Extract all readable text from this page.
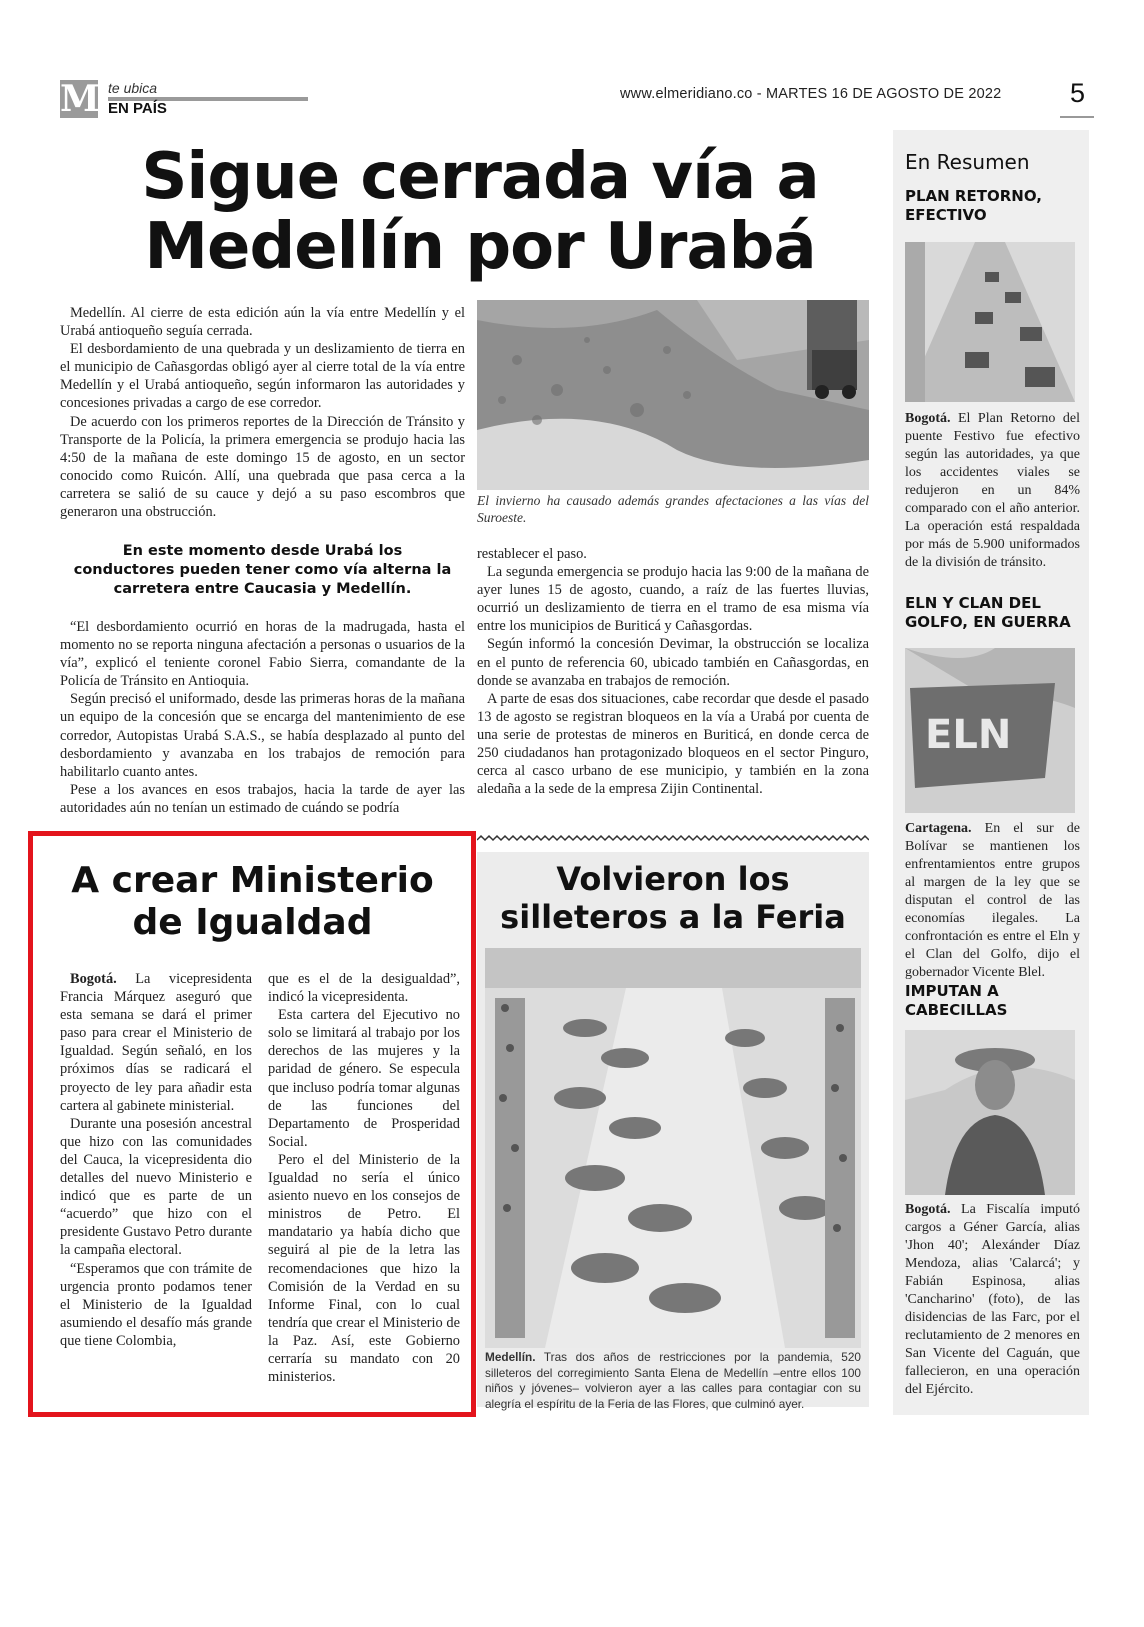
M te ubica
EN PAÍS
www.elmeridiano.co - MARTES 16 DE AGOSTO DE 2022	5
Sigue cerrada vía a
Medellín por Urabá

Medellín. Al cierre de esta edición aún la vía entre Medellín y el Urabá antioqueño seguía cerrada.

El desbordamiento de una quebrada y un deslizamiento de tierra en el municipio de Cañasgordas obligó ayer al cierre total de la vía entre Medellín y el Urabá antioqueño, según informaron las autoridades y concesiones privadas a cargo de ese corredor.

De acuerdo con los primeros reportes de la Dirección de Tránsito y Transporte de la Policía, la primera emergencia se produjo hacia las 4:50 de la mañana de este domingo 15 de agosto, en un sector conocido como Ruicón. Allí, una quebrada que pasa cerca a la carretera se salió de su cauce y dejó a su paso escombros que generaron una obstrucción.

El invierno ha causado además grandes afectaciones a las vías del Suroeste.
En este momento desde Urabá los conductores pueden tener como vía alterna la carretera entre Caucasia y Medellín.

“El desbordamiento ocurrió en horas de la madrugada, hasta el momento no se reporta ninguna afectación a personas o usuarios de la vía”, explicó el teniente coronel Fabio Sierra, comandante de la Policía de Tránsito en Antioquia.

Según precisó el uniformado, desde las primeras horas de la mañana un equipo de la concesión que se encarga del mantenimiento de ese corredor, Autopistas Urabá S.A.S., se había desplazado al punto del desbordamiento y avanzaba en los trabajos de remoción para habilitarlo cuanto antes.

Pese a los avances en esos trabajos, hacia la tarde de ayer las autoridades aún no tenían un estimado de cuándo se podría

restablecer el paso.

La segunda emergencia se produjo hacia las 9:00 de la mañana de ayer lunes 15 de agosto, cuando, a raíz de las fuertes lluvias, ocurrió un deslizamiento de tierra en el tramo de esa misma vía entre los municipios de Buriticá y Cañasgordas.

Según informó la concesión Devimar, la obstrucción se localiza en el punto de referencia 60, ubicado también en Cañasgordas, en donde se avanzaba en trabajos de remoción.

A parte de esas dos situaciones, cabe recordar que desde el pasado 13 de agosto se registran bloqueos en la vía a Urabá por cuenta de una serie de protestas de mineros en Buriticá, en donde cerca de 250 ciudadanos han protagonizado bloqueos en el sector Pinguro, cerca al casco urbano de ese municipio, y también en la zona aledaña a la sede de la empresa Zijin Continental.

A crear Ministerio
de Igualdad

Bogotá. La vicepresidenta Francia Márquez aseguró que esta semana se dará el primer paso para crear el Ministerio de Igualdad. Según señaló, en los próximos días se radicará el proyecto de ley para añadir esta cartera al gabinete ministerial.

Durante una posesión ancestral que hizo con las comunidades del Cauca, la vicepresidenta dio detalles del nuevo Ministerio e indicó que es parte de un “acuerdo” que hizo con el presidente Gustavo Petro durante la campaña electoral.

“Esperamos que con trámite de urgencia pronto podamos tener el Ministerio de la Igualdad asumiendo el desafío más grande que tiene Colombia,

que es el de la desigualdad”, indicó la vicepresidenta.

Esta cartera del Ejecutivo no solo se limitará al trabajo por los derechos de las mujeres y la paridad de género. Se especula que incluso podría tomar algunas de las funciones del Departamento de Prosperidad Social.

Pero el del Ministerio de la Igualdad no sería el único asiento nuevo en los consejos de ministros de Petro. El mandatario ya había dicho que seguirá al pie de la letra las recomendaciones que hizo la Comisión de la Verdad en su Informe Final, con lo cual tendría que crear el Ministerio de la Paz. Así, este Gobierno cerraría su mandato con 20 ministerios.

Volvieron los
silleteros a la Feria
Medellín. Tras dos años de restricciones por la pandemia, 520 silleteros del corregimiento Santa Elena de Medellín –entre ellos 100 niños y jóvenes– volvieron ayer a las calles para contagiar con su alegría el espíritu de la Feria de las Flores, que culminó ayer.
En Resumen
PLAN RETORNO, EFECTIVO
Bogotá. El Plan Retorno del puente Festivo fue efectivo según las autoridades, ya que los accidentes viales se redujeron en un 84% comparado con el año anterior. La operación está respaldada por más de 5.900 uniformados de la división de tránsito.
ELN Y CLAN DEL GOLFO, EN GUERRA
ELN
Cartagena. En el sur de Bolívar se mantienen los enfrentamientos entre grupos al margen de la ley que se disputan el control de las economías ilegales. La confrontación es entre el Eln y el Clan del Golfo, dijo el gobernador Vicente Blel.
IMPUTAN A CABECILLAS
Bogotá. La Fiscalía imputó cargos a Géner García, alias 'Jhon 40'; Alexánder Díaz Mendoza, alias 'Calarcá'; y Fabián Espinosa, alias 'Cancharino' (foto), de las disidencias de las Farc, por el reclutamiento de 2 menores en San Vicente del Caguán, que fallecieron, en una operación del Ejército.
